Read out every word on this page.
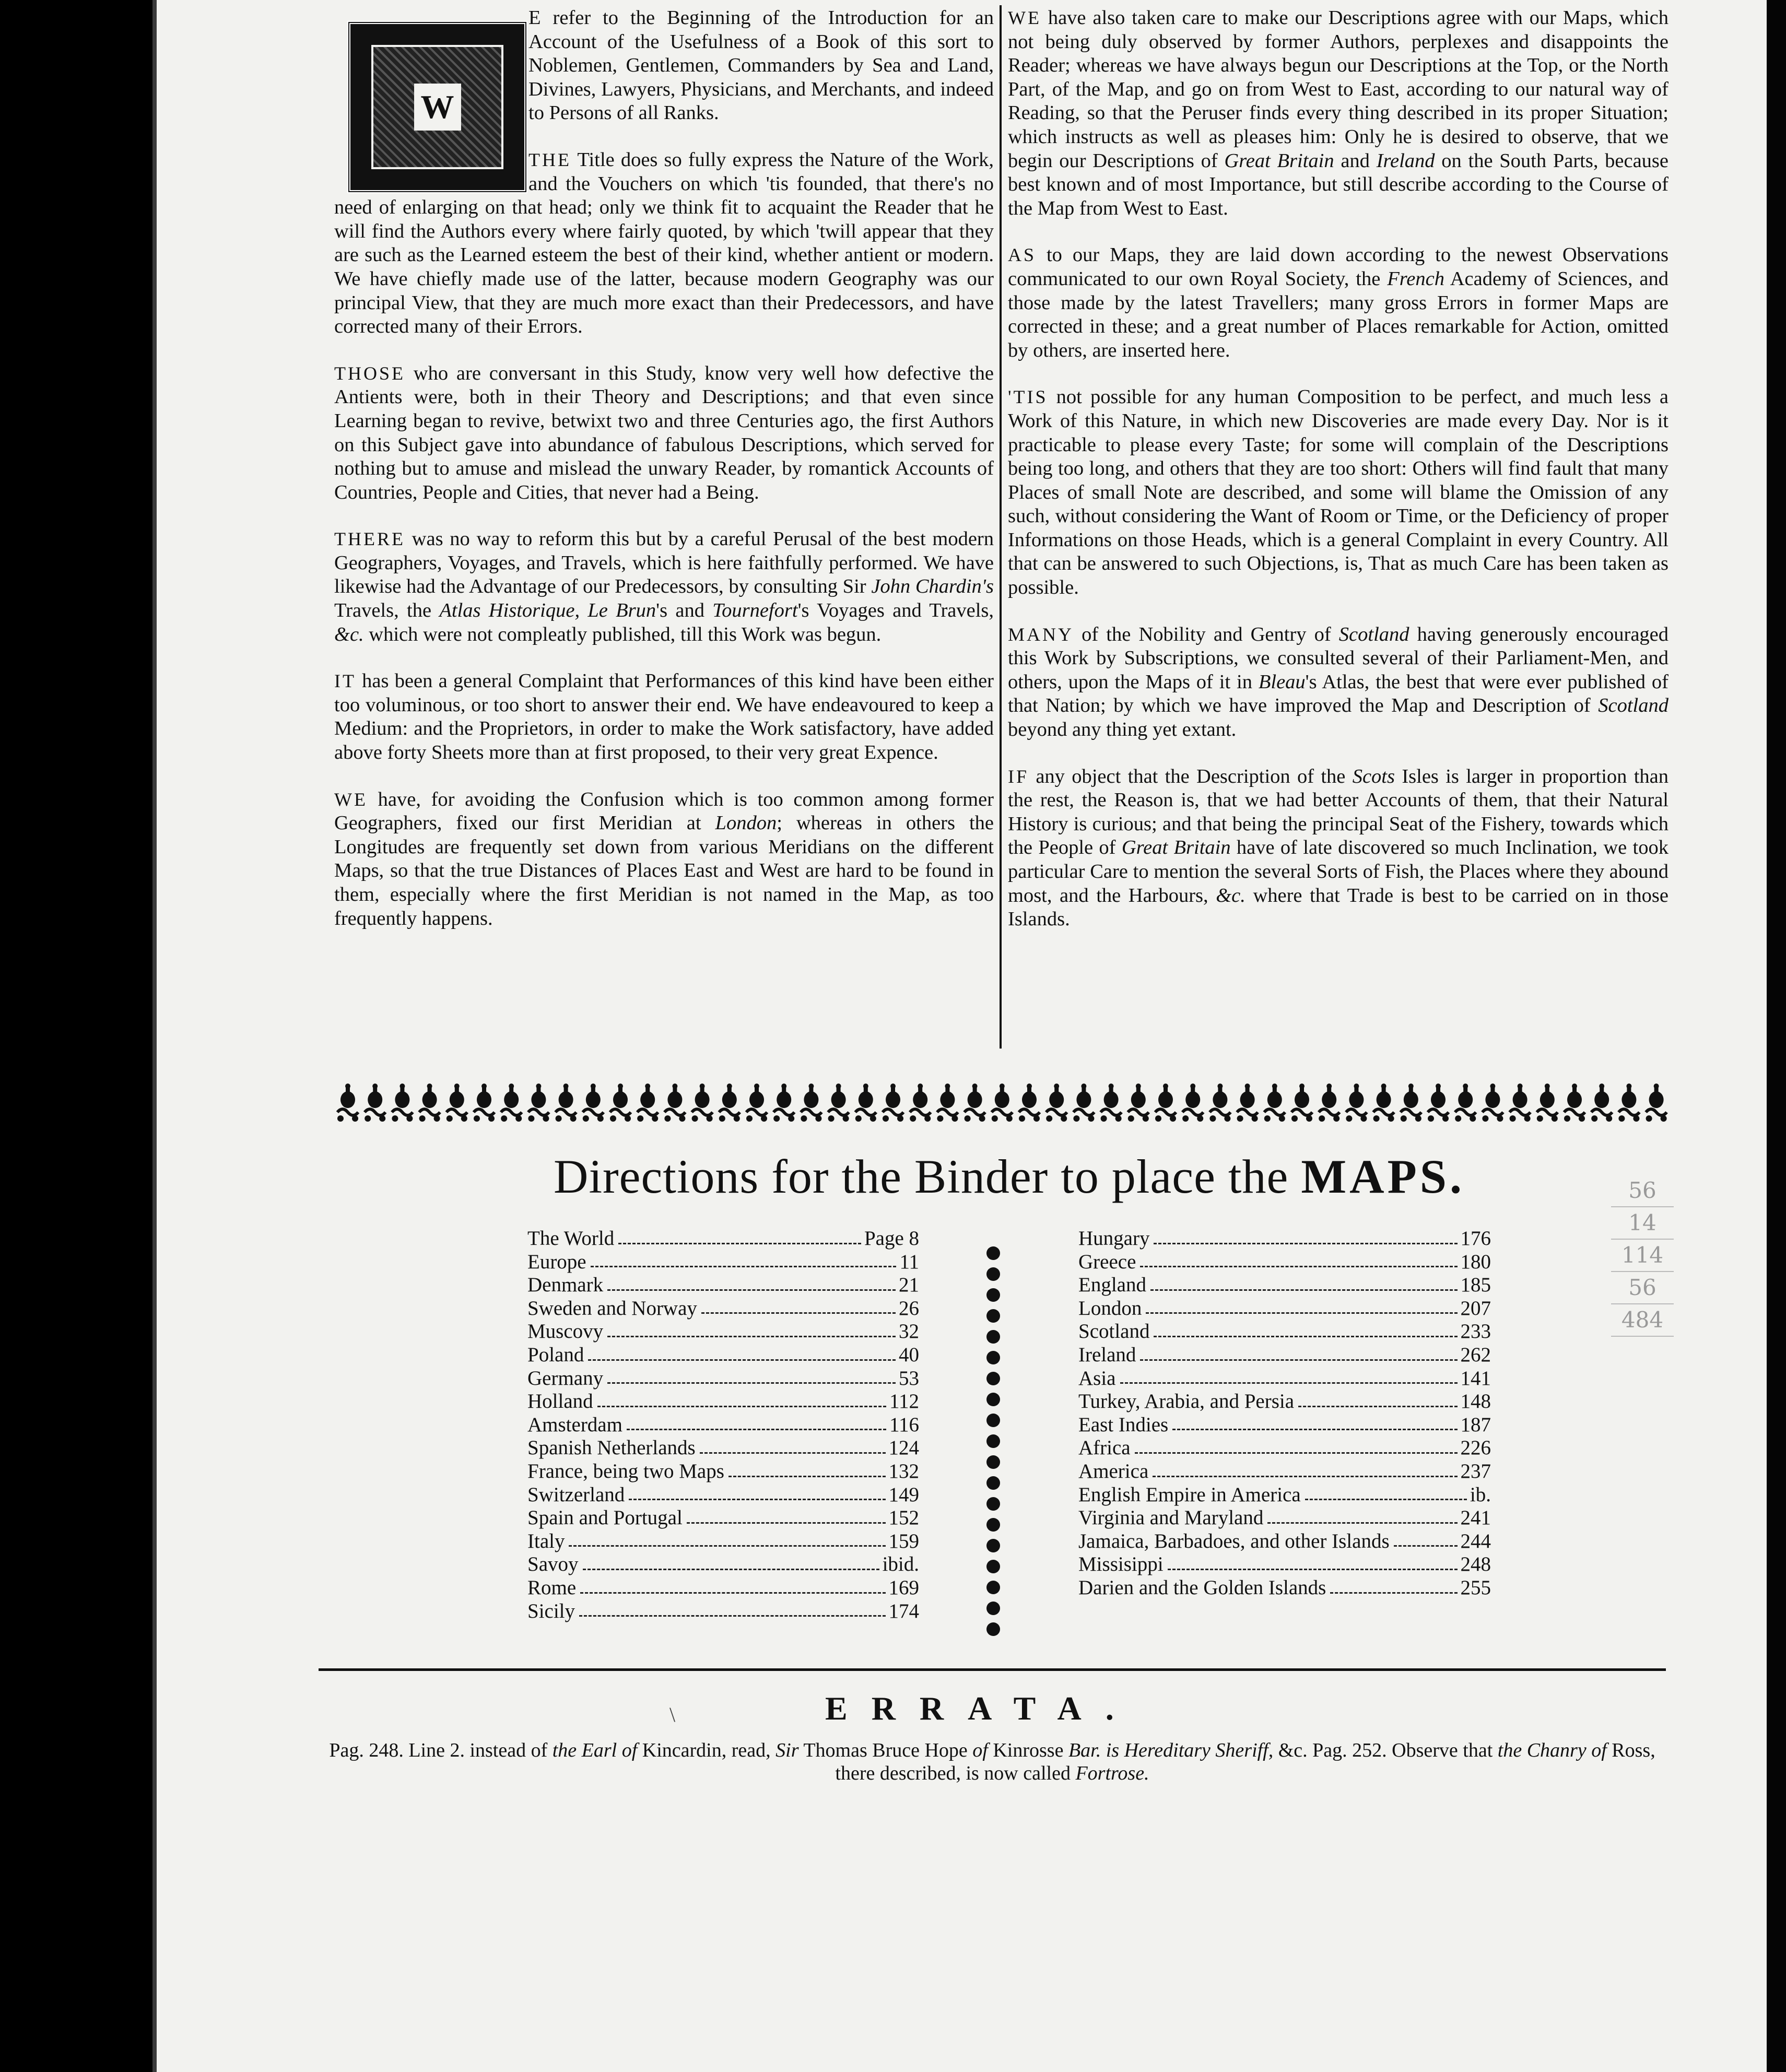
W

E refer to the Beginning of the Introduction for an Account of the Usefulness of a Book of this sort to Noblemen, Gentlemen, Commanders by Sea and Land, Divines, Lawyers, Physicians, and Merchants, and indeed to Persons of all Ranks.

THE Title does so fully express the Nature of the Work, and the Vouchers on which 'tis founded, that there's no need of enlarging on that head; only we think fit to acquaint the Reader that he will find the Authors every where fairly quoted, by which 'twill appear that they are such as the Learned esteem the best of their kind, whether antient or modern. We have chiefly made use of the latter, because modern Geography was our principal View, that they are much more exact than their Predecessors, and have corrected many of their Errors.

THOSE who are conversant in this Study, know very well how defective the Antients were, both in their Theory and Descriptions; and that even since Learning began to revive, betwixt two and three Centuries ago, the first Authors on this Subject gave into abundance of fabulous Descriptions, which served for nothing but to amuse and mislead the unwary Reader, by romantick Accounts of Countries, People and Cities, that never had a Being.

THERE was no way to reform this but by a careful Perusal of the best modern Geographers, Voyages, and Travels, which is here faithfully performed. We have likewise had the Advantage of our Predecessors, by consulting Sir John Chardin's Travels, the Atlas Historique, Le Brun's and Tournefort's Voyages and Travels, &c. which were not compleatly published, till this Work was begun.

IT has been a general Complaint that Performances of this kind have been either too voluminous, or too short to answer their end. We have endeavoured to keep a Medium: and the Proprietors, in order to make the Work satisfactory, have added above forty Sheets more than at first proposed, to their very great Expence.

WE have, for avoiding the Confusion which is too common among former Geographers, fixed our first Meridian at London; whereas in others the Longitudes are frequently set down from various Meridians on the different Maps, so that the true Distances of Places East and West are hard to be found in them, especially where the first Meridian is not named in the Map, as too frequently happens.

WE have also taken care to make our Descriptions agree with our Maps, which not being duly observed by former Authors, perplexes and disappoints the Reader; whereas we have always begun our Descriptions at the Top, or the North Part, of the Map, and go on from West to East, according to our natural way of Reading, so that the Peruser finds every thing described in its proper Situation; which instructs as well as pleases him: Only he is desired to observe, that we begin our Descriptions of Great Britain and Ireland on the South Parts, because best known and of most Importance, but still describe according to the Course of the Map from West to East.

AS to our Maps, they are laid down according to the newest Observations communicated to our own Royal Society, the French Academy of Sciences, and those made by the latest Travellers; many gross Errors in former Maps are corrected in these; and a great number of Places remarkable for Action, omitted by others, are inserted here.

'TIS not possible for any human Composition to be perfect, and much less a Work of this Nature, in which new Discoveries are made every Day. Nor is it practicable to please every Taste; for some will complain of the Descriptions being too long, and others that they are too short: Others will find fault that many Places of small Note are described, and some will blame the Omission of any such, without considering the Want of Room or Time, or the Deficiency of proper Informations on those Heads, which is a general Complaint in every Country. All that can be answered to such Objections, is, That as much Care has been taken as possible.

MANY of the Nobility and Gentry of Scotland having generously encouraged this Work by Subscriptions, we consulted several of their Parliament-Men, and others, upon the Maps of it in Bleau's Atlas, the best that were ever published of that Nation; by which we have improved the Map and Description of Scotland beyond any thing yet extant.

IF any object that the Description of the Scots Isles is larger in proportion than the rest, the Reason is, that we had better Accounts of them, that their Natural History is curious; and that being the principal Seat of the Fishery, towards which the People of Great Britain have of late discovered so much Inclination, we took particular Care to mention the several Sorts of Fish, the Places where they abound most, and the Harbours, &c. where that Trade is best to be carried on in those Islands.

Directions for the Binder to place the MAPS.
The World	Page 8
Europe	11
Denmark	21
Sweden and Norway	26
Muscovy	32
Poland	40
Germany	53
Holland	112
Amsterdam	116
Spanish Netherlands	124
France, being two Maps	132
Switzerland	149
Spain and Portugal	152
Italy	159
Savoy	ibid.
Rome	169
Sicily	174
Hungary	176
Greece	180
England	185
London	207
Scotland	233
Ireland	262
Asia	141
Turkey, Arabia, and Persia	148
East Indies	187
Africa	226
America	237
English Empire in America	ib.
Virginia and Maryland	241
Jamaica, Barbadoes, and other Islands	244
Missisippi	248
Darien and the Golden Islands	255
56
14
114
56
484
\	ERRATA.
Pag. 248. Line 2. instead of the Earl of Kincardin, read, Sir Thomas Bruce Hope of Kinrosse Bar. is Hereditary Sheriff, &c. Pag. 252. Observe that the Chanry of Ross, there described, is now called Fortrose.
